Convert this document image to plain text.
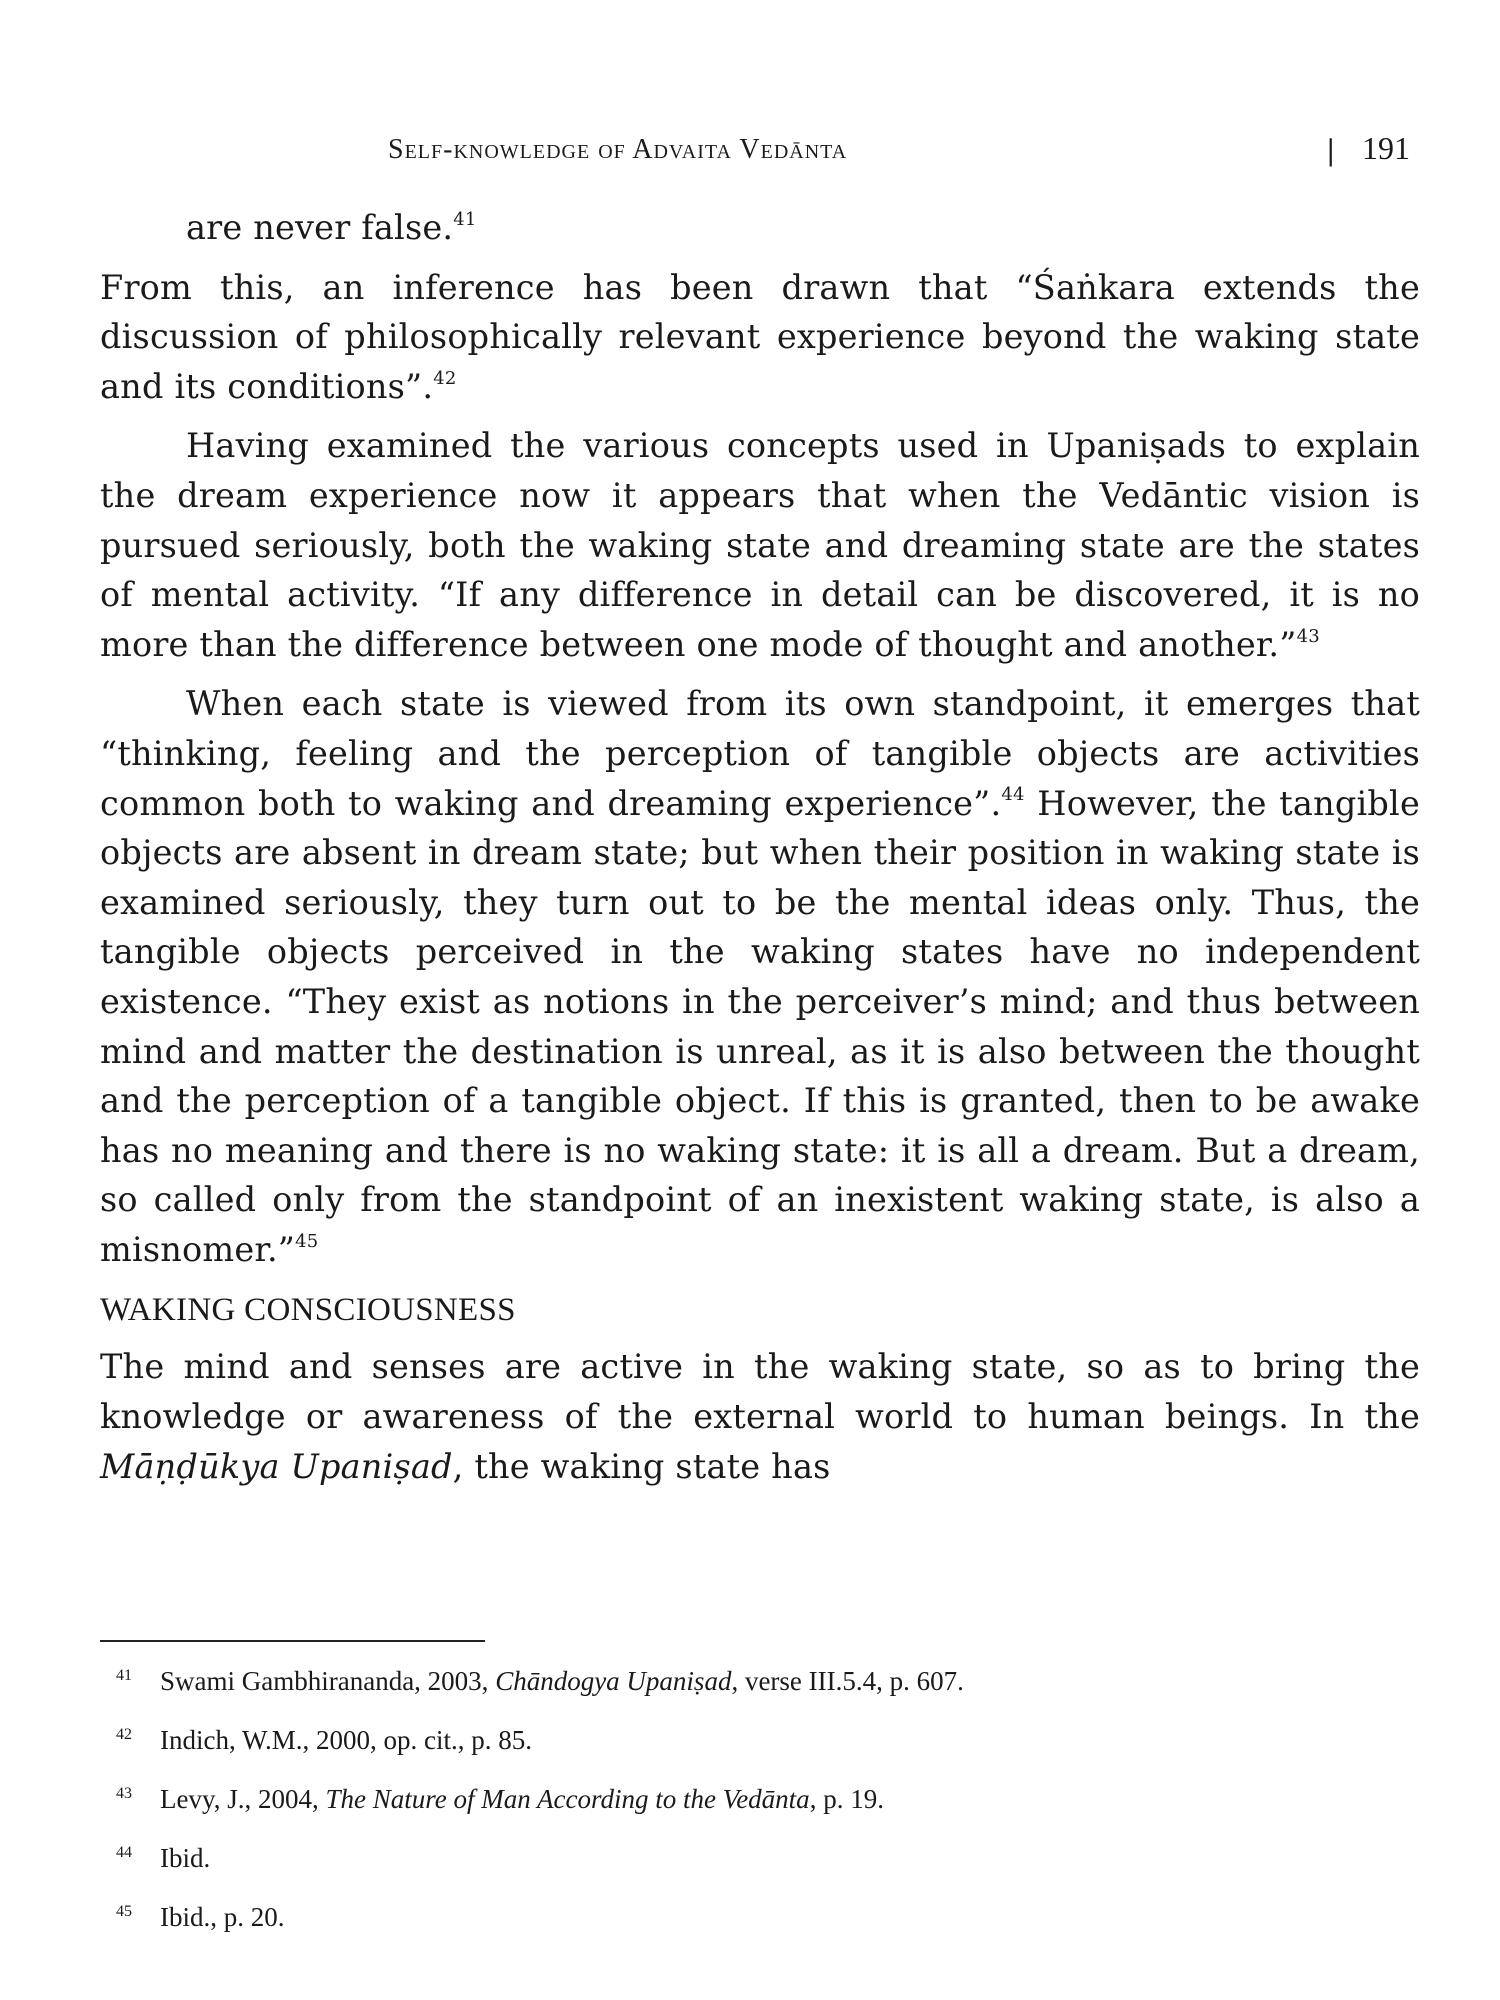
Self-knowledge of Advaita Vedānta	| 191

are never false.$^{41}$

From this, an inference has been drawn that “Śaṅkara extends the discussion of philosophically relevant experience beyond the waking state and its conditions”.$^{42}$

Having examined the various concepts used in Upaniṣads to explain the dream experience now it appears that when the Vedāntic vision is pursued seriously, both the waking state and dreaming state are the states of mental activity. “If any difference in detail can be discovered, it is no more than the difference between one mode of thought and another.”$^{43}$

When each state is viewed from its own standpoint, it emerges that “thinking, feeling and the perception of tangible objects are activities common both to waking and dreaming experience”.$^{44}$ However, the tangible objects are absent in dream state; but when their position in waking state is examined seriously, they turn out to be the mental ideas only. Thus, the tangible objects perceived in the waking states have no independent existence. “They exist as notions in the perceiver’s mind; and thus between mind and matter the destination is unreal, as it is also between the thought and the perception of a tangible object. If this is granted, then to be awake has no meaning and there is no waking state: it is all a dream. But a dream, so called only from the standpoint of an inexistent waking state, is also a misnomer.”$^{45}$

WAKING CONSCIOUSNESS

The mind and senses are active in the waking state, so as to bring the knowledge or awareness of the external world to human beings. In the Māṇḍūkya Upaniṣad, the waking state has

41	Swami Gambhirananda, 2003, Chāndogya Upaniṣad, verse III.5.4, p. 607.
42	Indich, W.M., 2000, op. cit., p. 85.
43	Levy, J., 2004, The Nature of Man According to the Vedānta, p. 19.
44	Ibid.
45	Ibid., p. 20.
